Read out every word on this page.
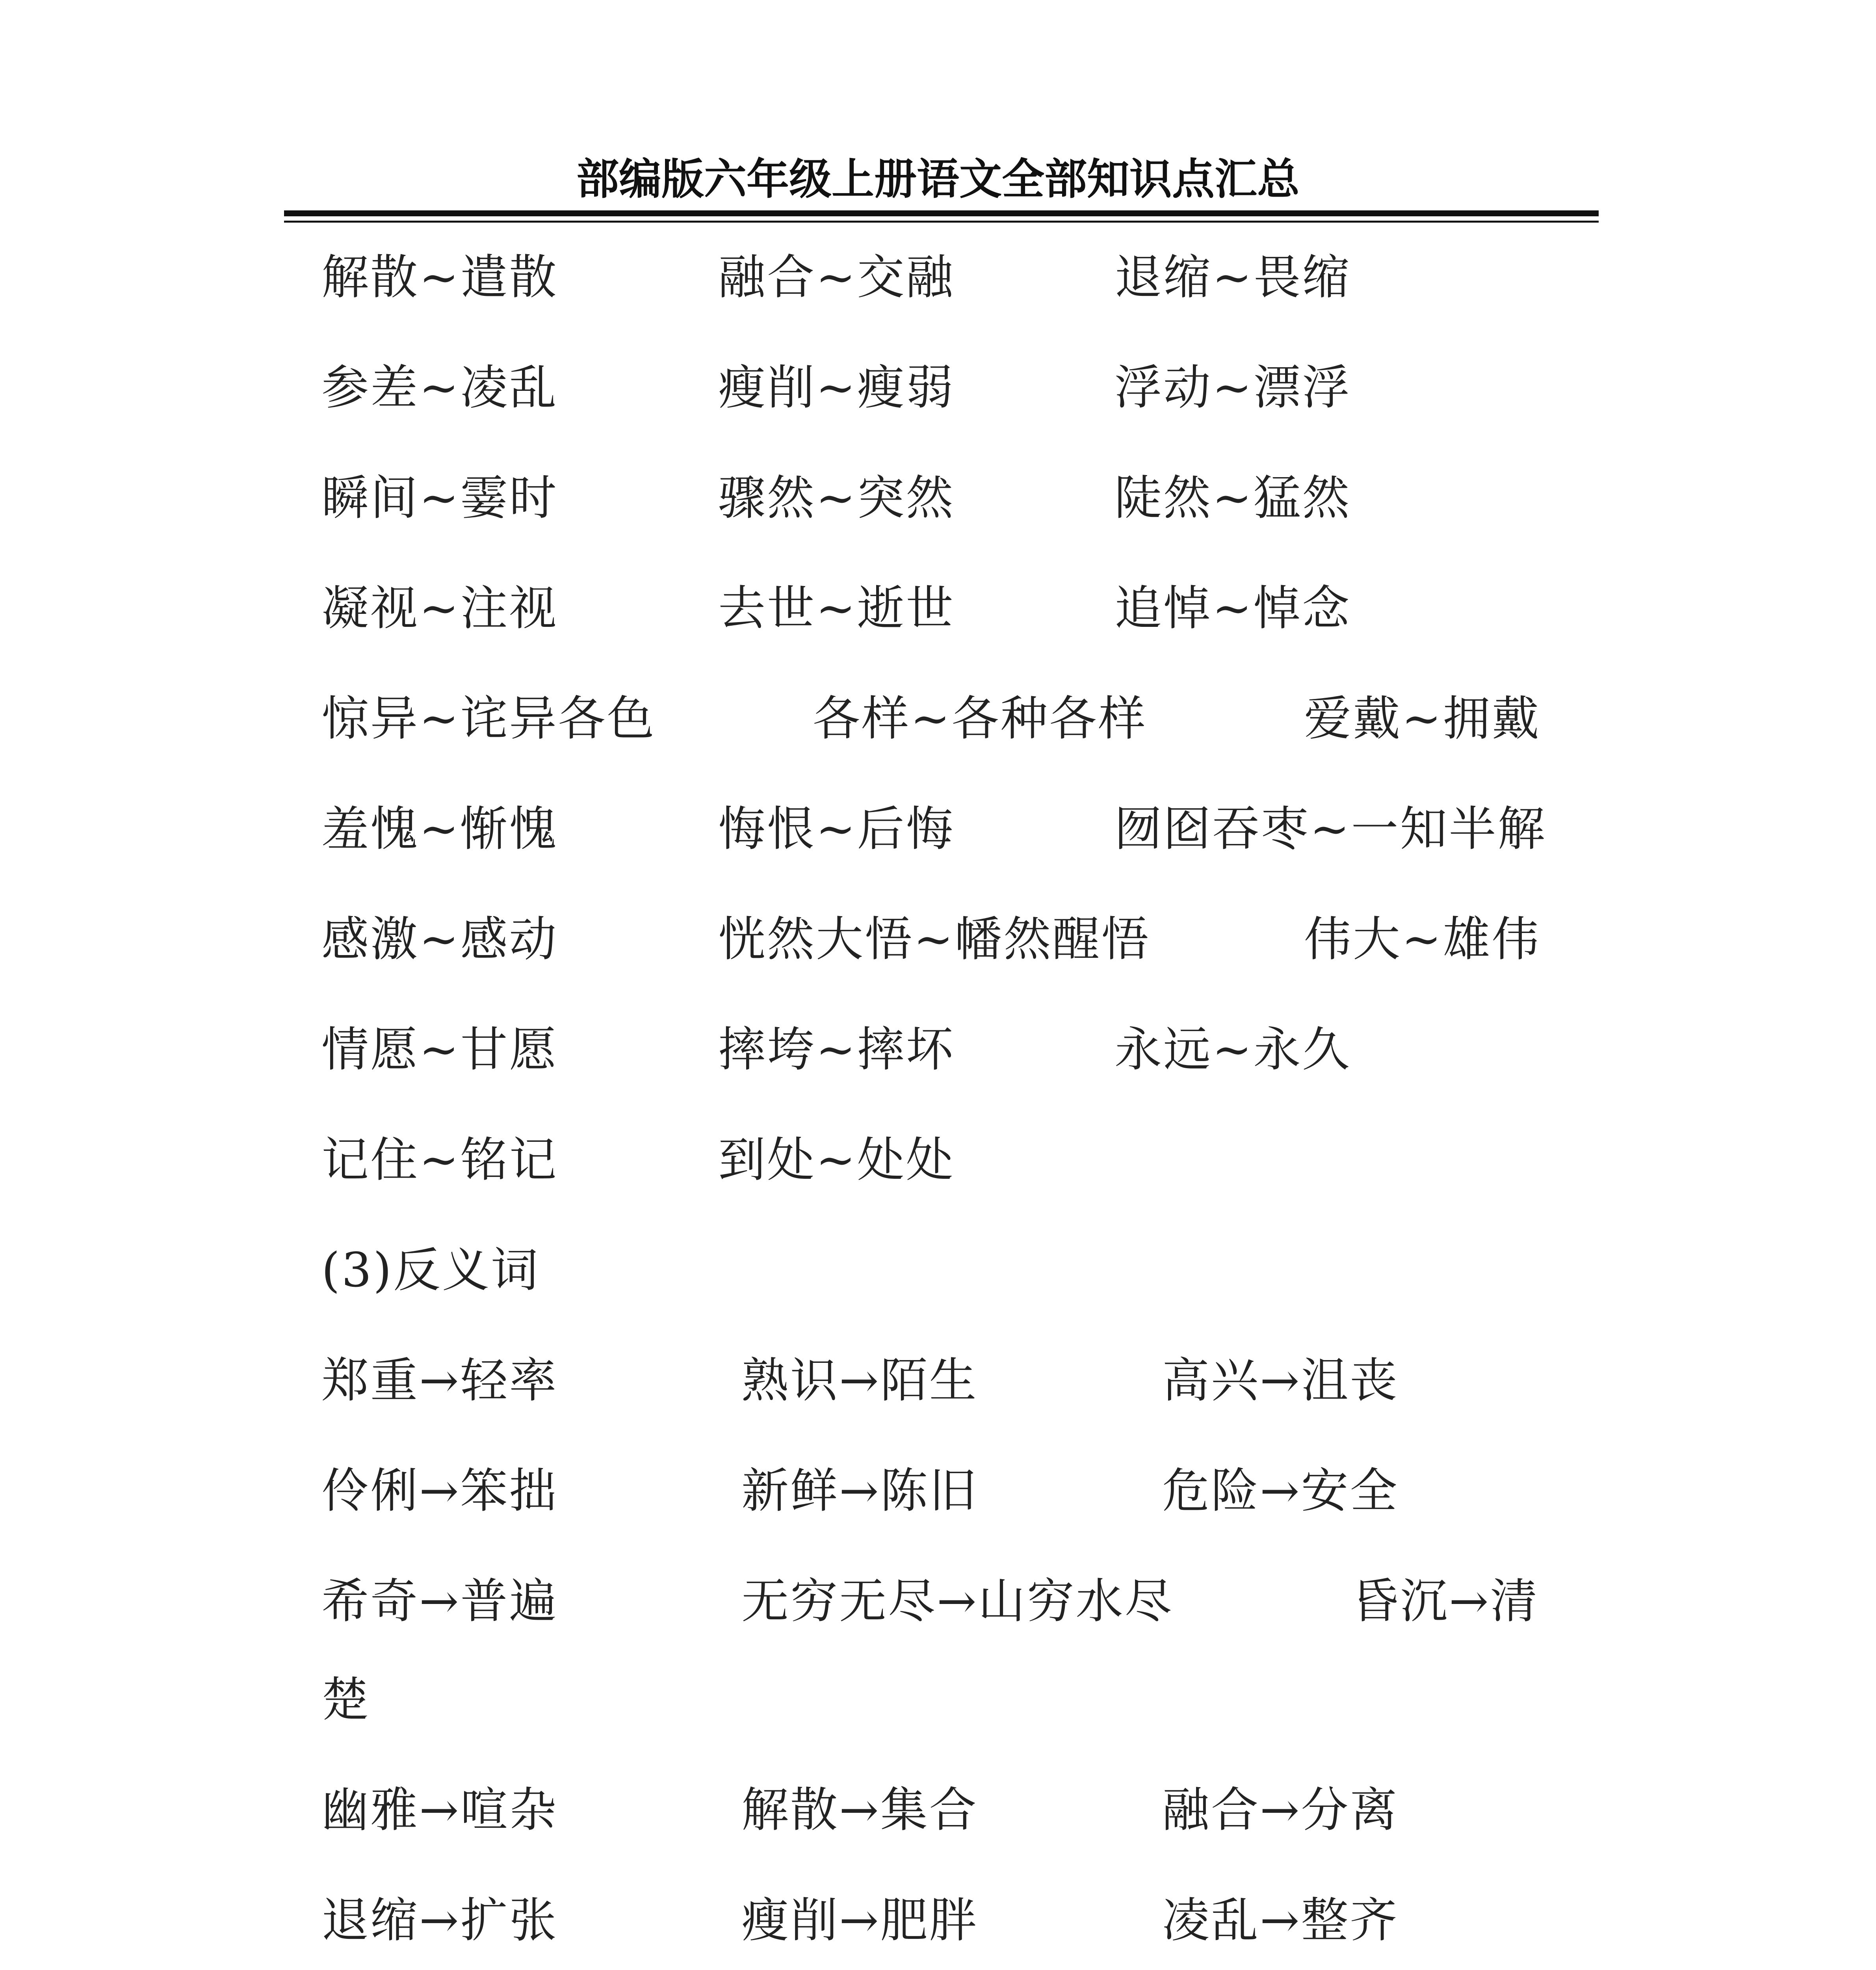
部编版六年级上册语文全部知识点汇总
解散~遣散	融合~交融	退缩~畏缩
参差~凌乱	瘦削~瘦弱	浮动~漂浮
瞬间~霎时	骤然~突然	陡然~猛然
凝视~注视	去世~逝世	追悼~悼念
惊异~诧异各色	各样~各种各样	爱戴~拥戴
羞愧~惭愧	悔恨~后悔	囫囵吞枣~一知半解
感激~感动	恍然大悟~幡然醒悟	伟大~雄伟
情愿~甘愿	摔垮~摔坏	永远~永久
记住~铭记	到处~处处
(3)反义词
郑重→轻率	熟识→陌生	高兴→沮丧
伶俐→笨拙	新鲜→陈旧	危险→安全
希奇→普遍	无穷无尽→山穷水尽	昏沉→清
楚
幽雅→喧杂	解散→集合	融合→分离
退缩→扩张	瘦削→肥胖	凌乱→整齐
